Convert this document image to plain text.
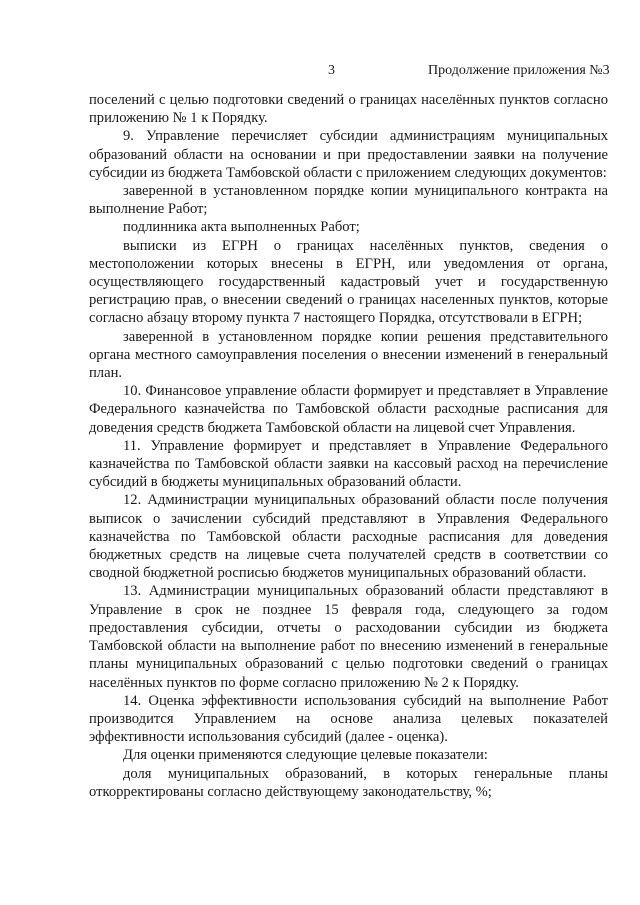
3	Продолжение приложения №3

поселений с целью подготовки сведений о границах населённых пунктов согласно приложению № 1 к Порядку.

9. Управление перечисляет субсидии администрациям муниципальных образований области на основании и при предоставлении заявки на получение субсидии из бюджета Тамбовской области с приложением следующих документов:

заверенной в установленном порядке копии муниципального контракта на выполнение Работ;

подлинника акта выполненных Работ;

выписки из ЕГРН о границах населённых пунктов, сведения о местоположении которых внесены в ЕГРН, или уведомления от органа, осуществляющего государственный кадастровый учет и государственную регистрацию прав, о внесении сведений о границах населенных пунктов, которые согласно абзацу второму пункта 7 настоящего Порядка, отсутствовали в ЕГРН;

заверенной в установленном порядке копии решения представительного органа местного самоуправления поселения о внесении изменений в генеральный план.

10. Финансовое управление области формирует и представляет в Управление Федерального казначейства по Тамбовской области расходные расписания для доведения средств бюджета Тамбовской области на лицевой счет Управления.

11. Управление формирует и представляет в Управление Федерального казначейства по Тамбовской области заявки на кассовый расход на перечисление субсидий в бюджеты муниципальных образований области.

12. Администрации муниципальных образований области после получения выписок о зачислении субсидий представляют в Управления Федерального казначейства по Тамбовской области расходные расписания для доведения бюджетных средств на лицевые счета получателей средств в соответствии со сводной бюджетной росписью бюджетов муниципальных образований области.

13. Администрации муниципальных образований области представляют в Управление в срок не позднее 15 февраля года, следующего за годом предоставления субсидии, отчеты о расходовании субсидии из бюджета Тамбовской области на выполнение работ по внесению изменений в генеральные планы муниципальных образований с целью подготовки сведений о границах населённых пунктов по форме согласно приложению № 2 к Порядку.

14. Оценка эффективности использования субсидий на выполнение Работ производится Управлением на основе анализа целевых показателей эффективности использования субсидий (далее - оценка).

Для оценки применяются следующие целевые показатели:

доля муниципальных образований, в которых генеральные планы откорректированы согласно действующему законодательству, %;
